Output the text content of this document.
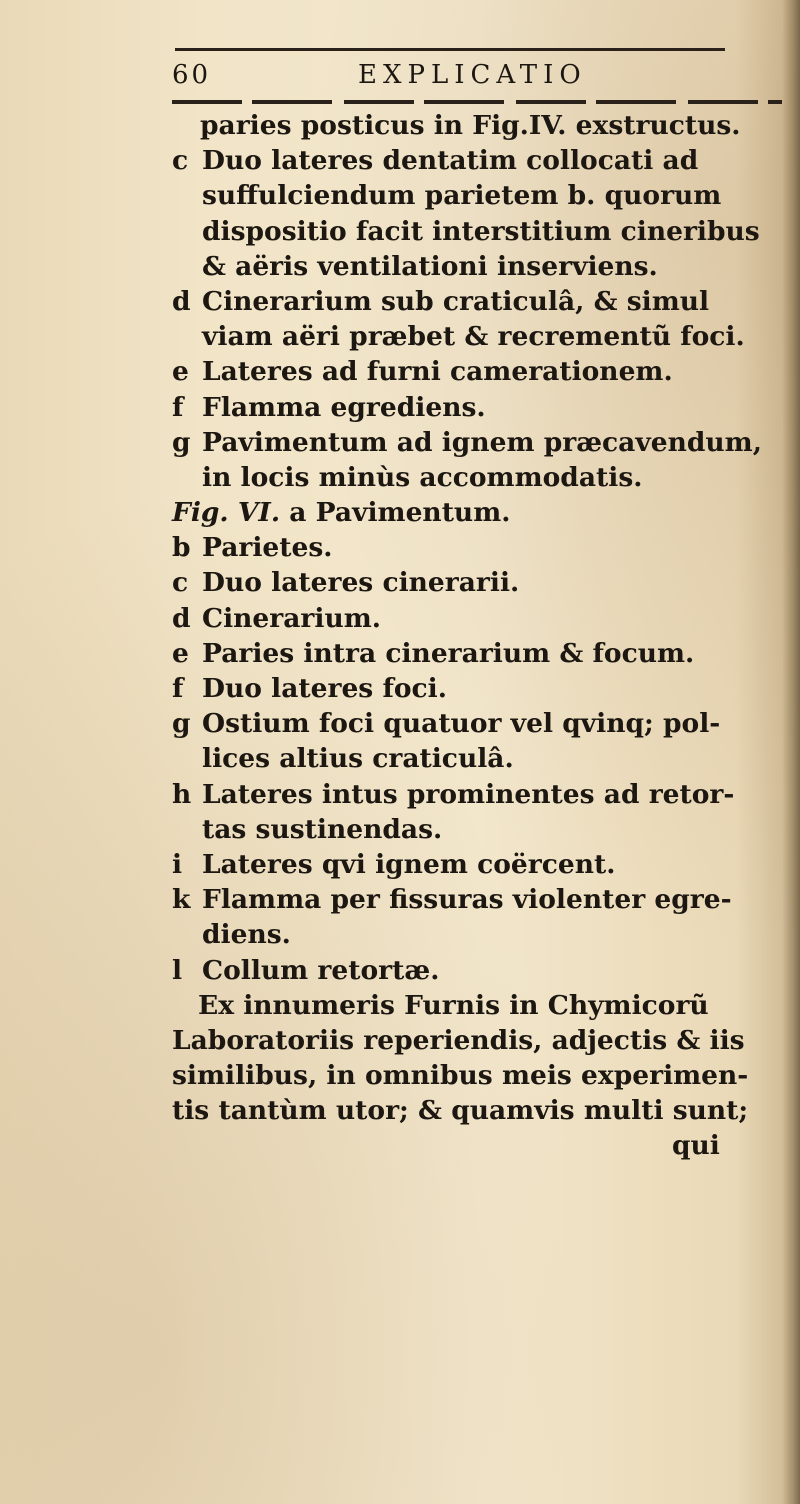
60	EXPLICATIO
paries posticus in Fig.IV. exstructus.
c Duo lateres dentatim collocati ad
suffulciendum parietem b. quorum
dispositio facit interstitium cineribus
& aëris ventilationi inserviens.
d Cinerarium sub craticulâ, & simul
viam aëri præbet & recrementũ foci.
e Lateres ad furni camerationem.
f Flamma egrediens.
g Pavimentum ad ignem præcavendum,
in locis minùs accommodatis.
Fig. VI. a Pavimentum.
b Parietes.
c Duo lateres cinerarii.
d Cinerarium.
e Paries intra cinerarium & focum.
f Duo lateres foci.
g Ostium foci quatuor vel qvinq; pol-
lices altius craticulâ.
h Lateres intus prominentes ad retor-
tas sustinendas.
i Lateres qvi ignem coërcent.
k Flamma per fissuras violenter egre-
diens.
l Collum retortæ.
Ex innumeris Furnis in Chymicorũ
Laboratoriis reperiendis, adjectis & iis
similibus, in omnibus meis experimen-
tis tantùm utor; & quamvis multi sunt;
qui
